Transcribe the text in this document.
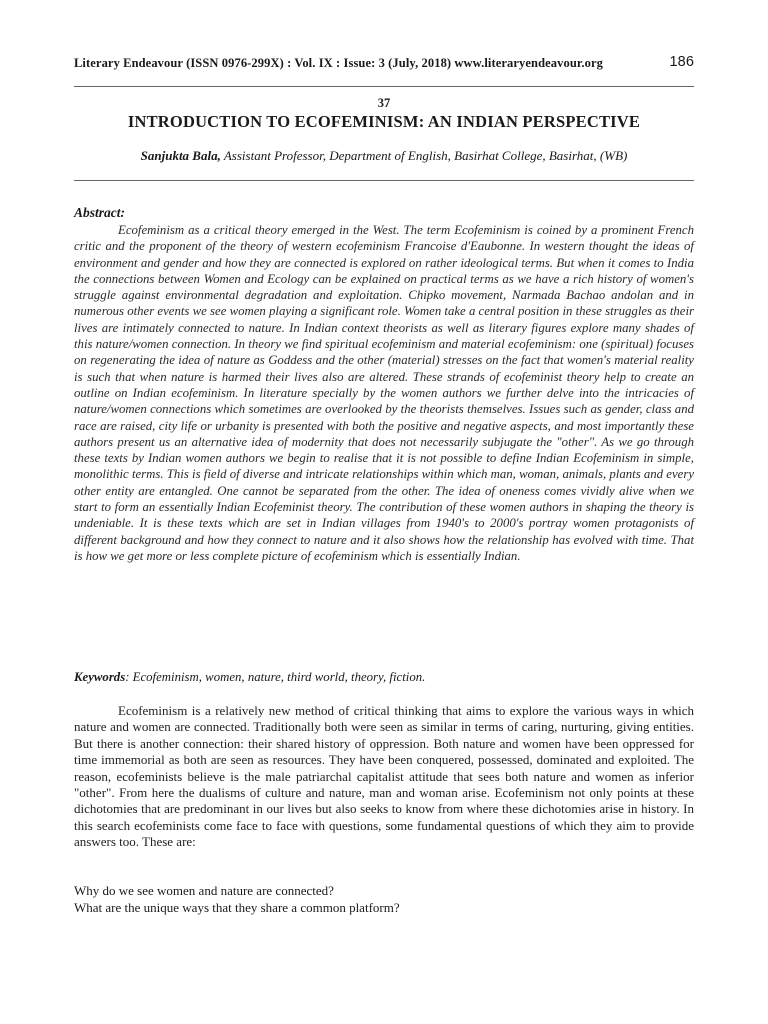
Literary Endeavour (ISSN 0976-299X) : Vol. IX : Issue: 3 (July, 2018) www.literaryendeavour.org	186
37
INTRODUCTION TO ECOFEMINISM: AN INDIAN PERSPECTIVE
Sanjukta Bala, Assistant Professor, Department of English, Basirhat College, Basirhat, (WB)
Abstract:

Ecofeminism as a critical theory emerged in the West. The term Ecofeminism is coined by a prominent French critic and the proponent of the theory of western ecofeminism Francoise d'Eaubonne. In western thought the ideas of environment and gender and how they are connected is explored on rather ideological terms. But when it comes to India the connections between Women and Ecology can be explained on practical terms as we have a rich history of women's struggle against environmental degradation and exploitation. Chipko movement, Narmada Bachao andolan and in numerous other events we see women playing a significant role. Women take a central position in these struggles as their lives are intimately connected to nature. In Indian context theorists as well as literary figures explore many shades of this nature/women connection. In theory we find spiritual ecofeminism and material ecofeminism: one (spiritual) focuses on regenerating the idea of nature as Goddess and the other (material) stresses on the fact that women's material reality is such that when nature is harmed their lives also are altered. These strands of ecofeminist theory help to create an outline on Indian ecofeminism. In literature specially by the women authors we further delve into the intricacies of nature/women connections which sometimes are overlooked by the theorists themselves. Issues such as gender, class and race are raised, city life or urbanity is presented with both the positive and negative aspects, and most importantly these authors present us an alternative idea of modernity that does not necessarily subjugate the "other". As we go through these texts by Indian women authors we begin to realise that it is not possible to define Indian Ecofeminism in simple, monolithic terms. This is field of diverse and intricate relationships within which man, woman, animals, plants and every other entity are entangled. One cannot be separated from the other. The idea of oneness comes vividly alive when we start to form an essentially Indian Ecofeminist theory. The contribution of these women authors in shaping the theory is undeniable. It is these texts which are set in Indian villages from 1940's to 2000's portray women protagonists of different background and how they connect to nature and it also shows how the relationship has evolved with time. That is how we get more or less complete picture of ecofeminism which is essentially Indian.

Keywords: Ecofeminism, women, nature, third world, theory, fiction.

Ecofeminism is a relatively new method of critical thinking that aims to explore the various ways in which nature and women are connected. Traditionally both were seen as similar in terms of caring, nurturing, giving entities. But there is another connection: their shared history of oppression. Both nature and women have been oppressed for time immemorial as both are seen as resources. They have been conquered, possessed, dominated and exploited. The reason, ecofeminists believe is the male patriarchal capitalist attitude that sees both nature and women as inferior "other". From here the dualisms of culture and nature, man and woman arise. Ecofeminism not only points at these dichotomies that are predominant in our lives but also seeks to know from where these dichotomies arise in history. In this search ecofeminists come face to face with questions, some fundamental questions of which they aim to provide answers too. These are:

Why do we see women and nature are connected?
What are the unique ways that they share a common platform?
